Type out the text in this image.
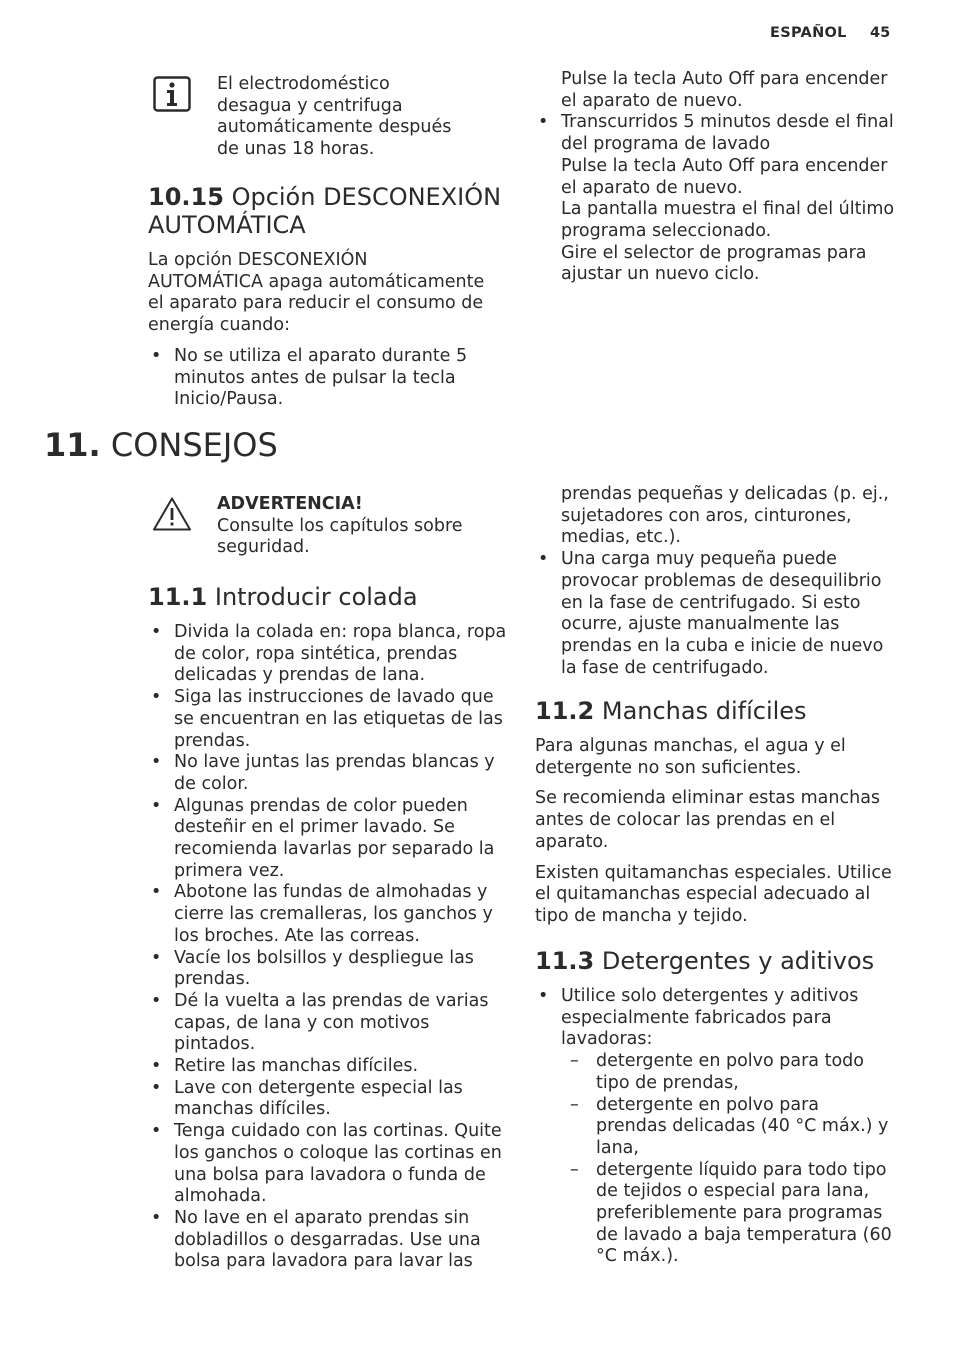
ESPAÑOL 45
El electrodoméstico
desagua y centrifuga
automáticamente después
de unas 18 horas.
10.15 Opción DESCONEXIÓN
AUTOMÁTICA
La opción DESCONEXIÓN
AUTOMÁTICA apaga automáticamente
el aparato para reducir el consumo de
energía cuando:
• No se utiliza el aparato durante 5
minutos antes de pulsar la tecla
Inicio/Pausa.
Pulse la tecla Auto Off para encender
el aparato de nuevo.
• Transcurridos 5 minutos desde el final
del programa de lavado
Pulse la tecla Auto Off para encender
el aparato de nuevo.
La pantalla muestra el final del último
programa seleccionado.
Gire el selector de programas para
ajustar un nuevo ciclo.
11. CONSEJOS
ADVERTENCIA!
Consulte los capítulos sobre
seguridad.
11.1 Introducir colada
• Divida la colada en: ropa blanca, ropa
de color, ropa sintética, prendas
delicadas y prendas de lana.
• Siga las instrucciones de lavado que
se encuentran en las etiquetas de las
prendas.
• No lave juntas las prendas blancas y
de color.
• Algunas prendas de color pueden
desteñir en el primer lavado. Se
recomienda lavarlas por separado la
primera vez.
• Abotone las fundas de almohadas y
cierre las cremalleras, los ganchos y
los broches. Ate las correas.
• Vacíe los bolsillos y despliegue las
prendas.
• Dé la vuelta a las prendas de varias
capas, de lana y con motivos
pintados.
• Retire las manchas difíciles.
• Lave con detergente especial las
manchas difíciles.
• Tenga cuidado con las cortinas. Quite
los ganchos o coloque las cortinas en
una bolsa para lavadora o funda de
almohada.
• No lave en el aparato prendas sin
dobladillos o desgarradas. Use una
bolsa para lavadora para lavar las
prendas pequeñas y delicadas (p. ej.,
sujetadores con aros, cinturones,
medias, etc.).
• Una carga muy pequeña puede
provocar problemas de desequilibrio
en la fase de centrifugado. Si esto
ocurre, ajuste manualmente las
prendas en la cuba e inicie de nuevo
la fase de centrifugado.
11.2 Manchas difíciles

Para algunas manchas, el agua y el
detergente no son suficientes.

Se recomienda eliminar estas manchas
antes de colocar las prendas en el
aparato.

Existen quitamanchas especiales. Utilice
el quitamanchas especial adecuado al
tipo de mancha y tejido.

11.3 Detergentes y aditivos
• Utilice solo detergentes y aditivos
especialmente fabricados para
lavadoras:
– detergente en polvo para todo
tipo de prendas,
– detergente en polvo para
prendas delicadas (40 °C máx.) y
lana,
– detergente líquido para todo tipo
de tejidos o especial para lana,
preferiblemente para programas
de lavado a baja temperatura (60
°C máx.).
